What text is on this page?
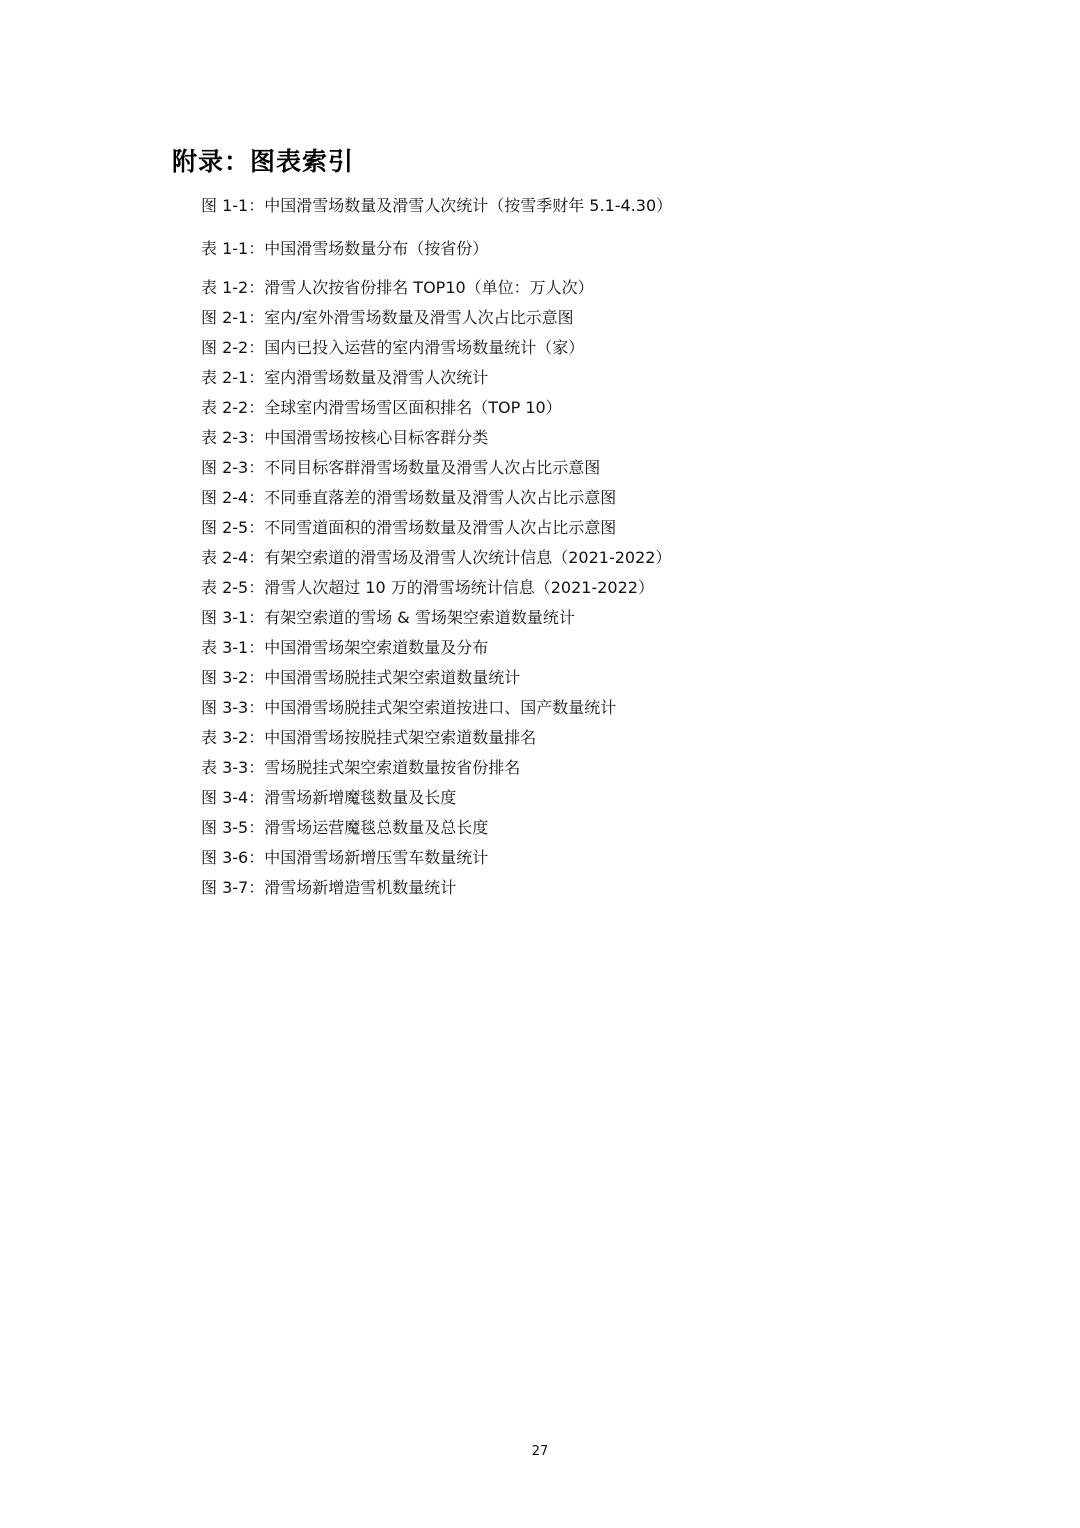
附录：图表索引
图 1-1：中国滑雪场数量及滑雪人次统计（按雪季财年 5.1-4.30）
表 1-1：中国滑雪场数量分布（按省份）
表 1-2：滑雪人次按省份排名 TOP10（单位：万人次）
图 2-1：室内/室外滑雪场数量及滑雪人次占比示意图
图 2-2：国内已投入运营的室内滑雪场数量统计（家）
表 2-1：室内滑雪场数量及滑雪人次统计
表 2-2：全球室内滑雪场雪区面积排名（TOP 10）
表 2-3：中国滑雪场按核心目标客群分类
图 2-3：不同目标客群滑雪场数量及滑雪人次占比示意图
图 2-4：不同垂直落差的滑雪场数量及滑雪人次占比示意图
图 2-5：不同雪道面积的滑雪场数量及滑雪人次占比示意图
表 2-4：有架空索道的滑雪场及滑雪人次统计信息（2021-2022）
表 2-5：滑雪人次超过 10 万的滑雪场统计信息（2021-2022）
图 3-1：有架空索道的雪场 & 雪场架空索道数量统计
表 3-1：中国滑雪场架空索道数量及分布
图 3-2：中国滑雪场脱挂式架空索道数量统计
图 3-3：中国滑雪场脱挂式架空索道按进口、国产数量统计
表 3-2：中国滑雪场按脱挂式架空索道数量排名
表 3-3：雪场脱挂式架空索道数量按省份排名
图 3-4：滑雪场新增魔毯数量及长度
图 3-5：滑雪场运营魔毯总数量及总长度
图 3-6：中国滑雪场新增压雪车数量统计
图 3-7：滑雪场新增造雪机数量统计
27
